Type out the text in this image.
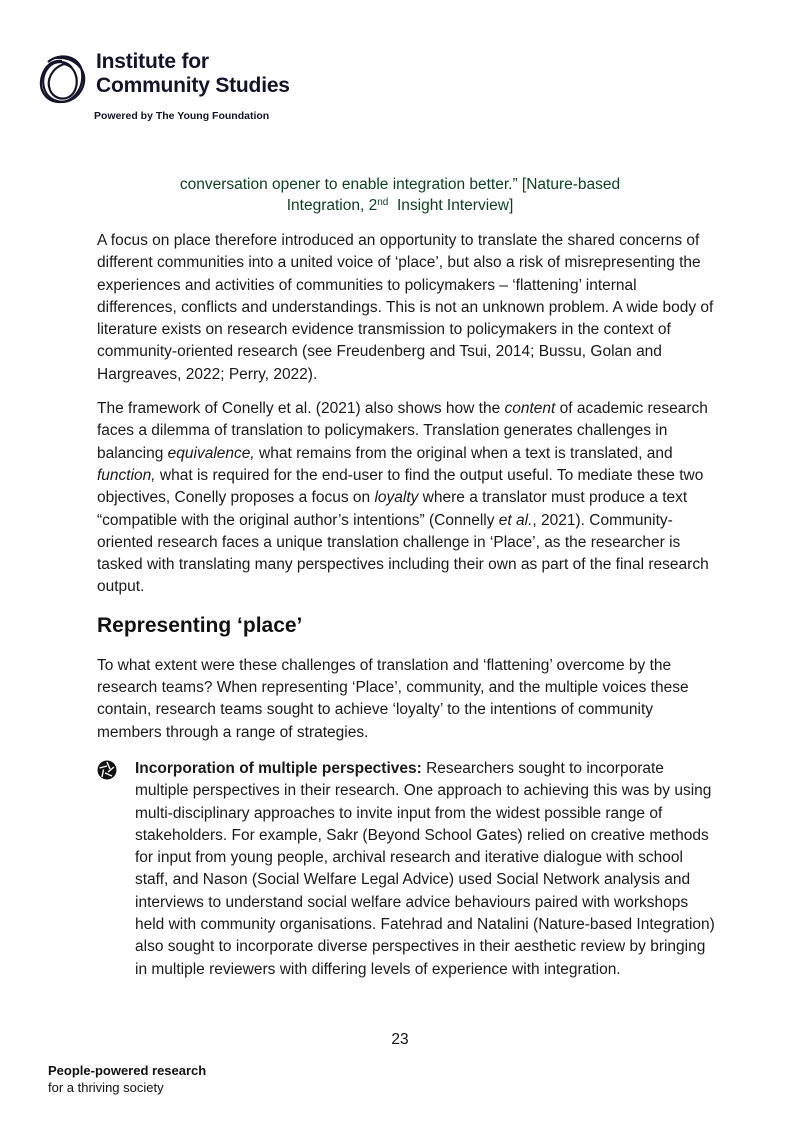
Institute for
Community Studies
Powered by The Young Foundation
conversation opener to enable integration better.” [Nature-based
Integration, 2nd  Insight Interview]

A focus on place therefore introduced an opportunity to translate the shared concerns of different communities into a united voice of ‘place’, but also a risk of misrepresenting the experiences and activities of communities to policymakers – ‘flattening’ internal differences, conflicts and understandings. This is not an unknown problem. A wide body of literature exists on research evidence transmission to policymakers in the context of community-oriented research (see Freudenberg and Tsui, 2014; Bussu, Golan and Hargreaves, 2022; Perry, 2022).

The framework of Conelly et al. (2021) also shows how the content of academic research faces a dilemma of translation to policymakers. Translation generates challenges in balancing equivalence, what remains from the original when a text is translated, and function, what is required for the end-user to find the output useful. To mediate these two objectives, Conelly proposes a focus on loyalty where a translator must produce a text “compatible with the original author’s intentions” (Connelly et al., 2021). Community-oriented research faces a unique translation challenge in ‘Place’, as the researcher is tasked with translating many perspectives including their own as part of the final research output.

Representing ‘place’

To what extent were these challenges of translation and ‘flattening’ overcome by the research teams? When representing ‘Place’, community, and the multiple voices these contain, research teams sought to achieve ‘loyalty’ to the intentions of community members through a range of strategies.

Incorporation of multiple perspectives: Researchers sought to incorporate multiple perspectives in their research. One approach to achieving this was by using multi-disciplinary approaches to invite input from the widest possible range of stakeholders. For example, Sakr (Beyond School Gates) relied on creative methods for input from young people, archival research and iterative dialogue with school staff, and Nason (Social Welfare Legal Advice) used Social Network analysis and interviews to understand social welfare advice behaviours paired with workshops held with community organisations. Fatehrad and Natalini (Nature-based Integration) also sought to incorporate diverse perspectives in their aesthetic review by bringing in multiple reviewers with differing levels of experience with integration.
23
People-powered research
for a thriving society
